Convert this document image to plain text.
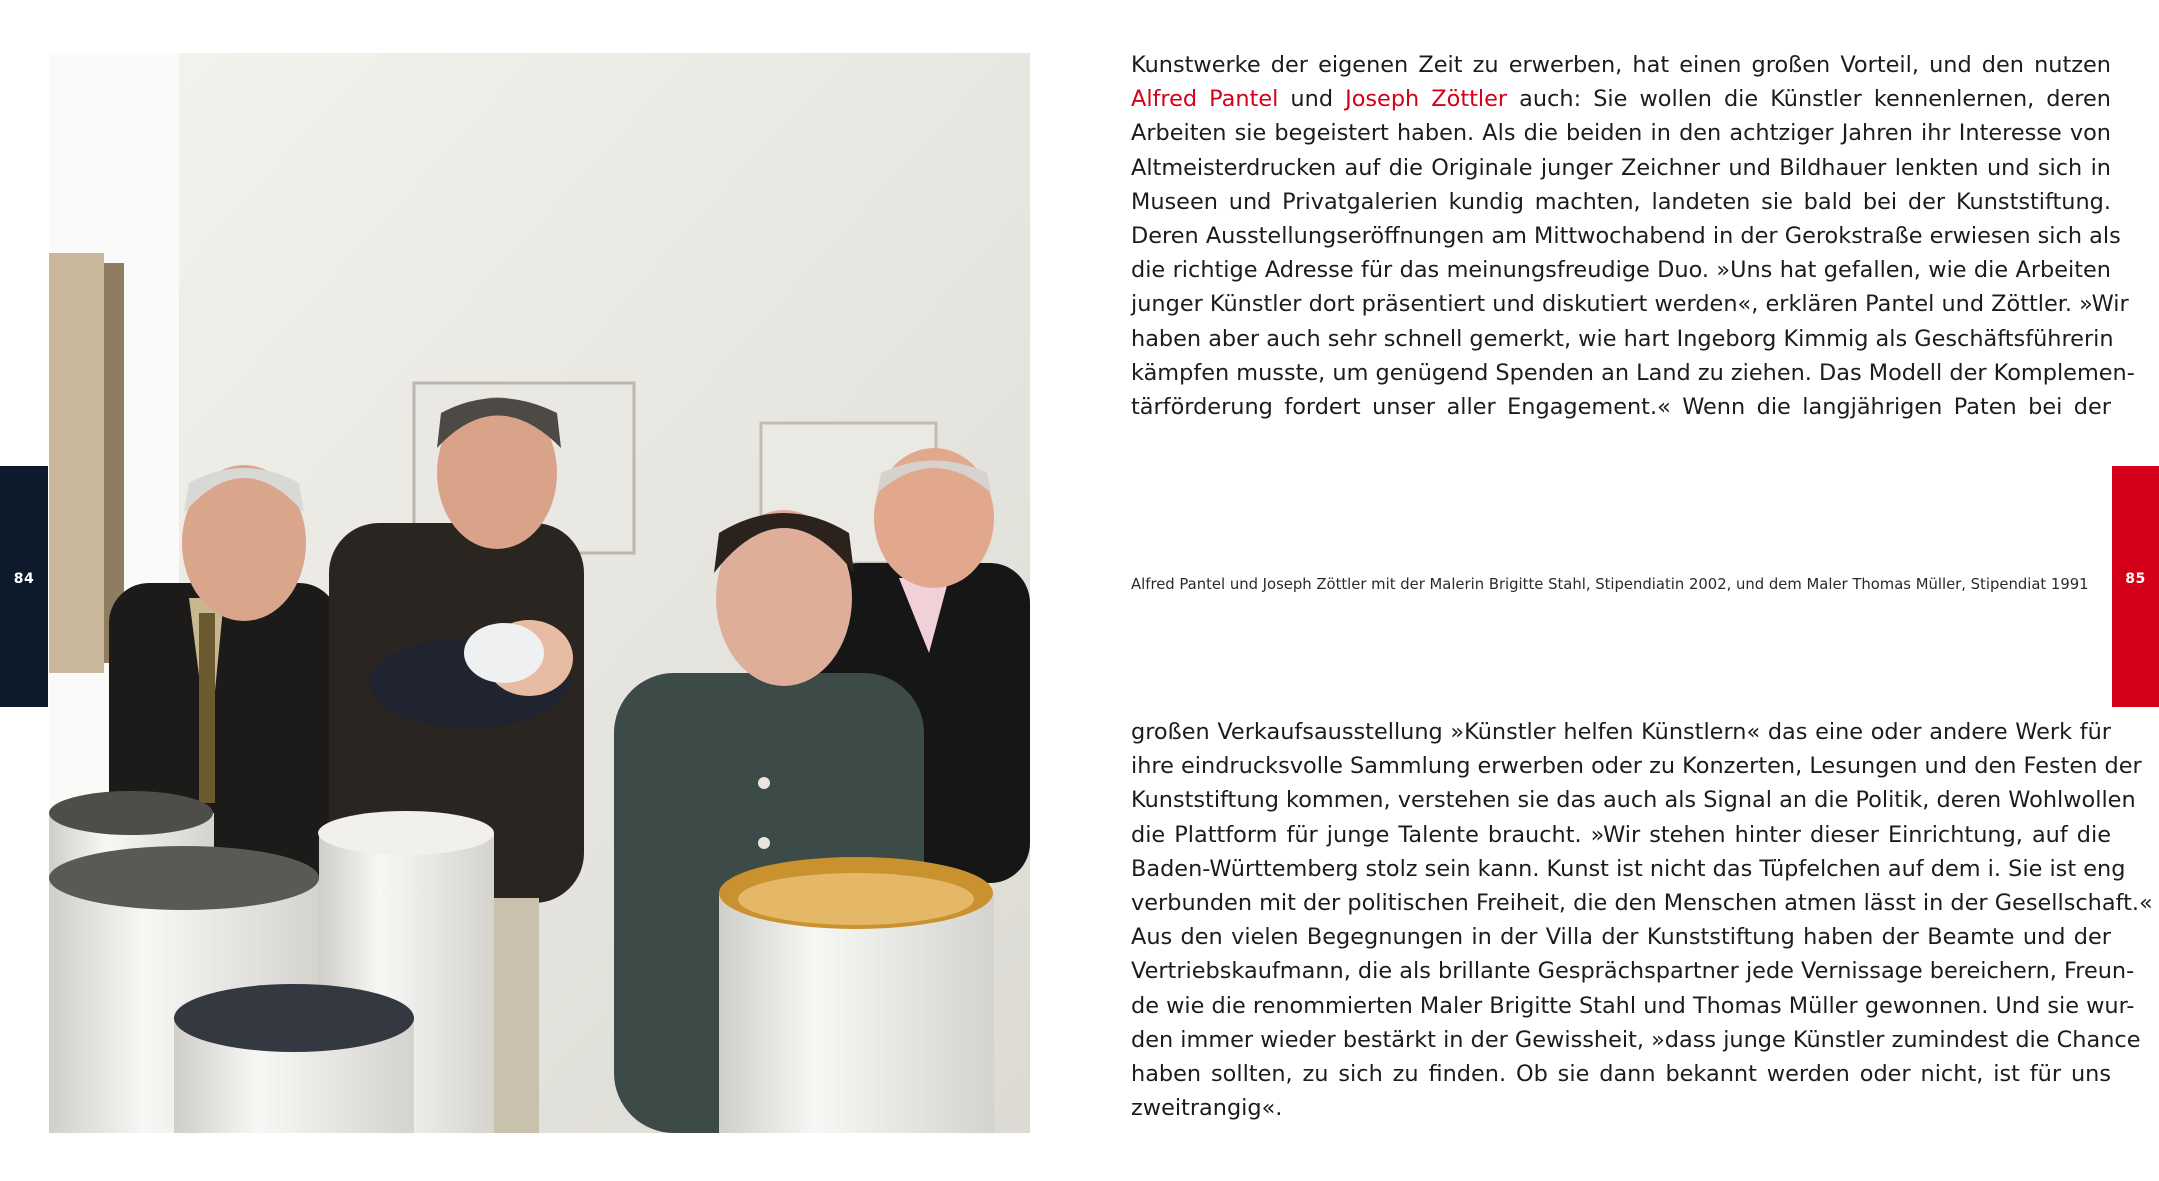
84
Kunstwerke der eigenen Zeit zu erwerben, hat einen großen Vorteil, und den nutzen
Alfred Pantel und Joseph Zöttler auch: Sie wollen die Künstler kennenlernen, deren
Arbeiten sie begeistert haben. Als die beiden in den achtziger Jahren ihr Interesse von
Altmeisterdrucken auf die Originale junger Zeichner und Bildhauer lenkten und sich in
Museen und Privatgalerien kundig machten, landeten sie bald bei der Kunststiftung.
Deren Ausstellungseröffnungen am Mittwochabend in der Gerokstraße erwiesen sich als
die richtige Adresse für das meinungsfreudige Duo. »Uns hat gefallen, wie die Arbeiten
junger Künstler dort präsentiert und diskutiert werden«, erklären Pantel und Zöttler. »Wir
haben aber auch sehr schnell gemerkt, wie hart Ingeborg Kimmig als Geschäftsführerin
kämpfen musste, um genügend Spenden an Land zu ziehen. Das Modell der Komplemen-
tärförderung fordert unser aller Engagement.« Wenn die langjährigen Paten bei der
Alfred Pantel und Joseph Zöttler mit der Malerin Brigitte Stahl, Stipendiatin 2002, und dem Maler Thomas Müller, Stipendiat 1991
großen Verkaufsausstellung »Künstler helfen Künstlern« das eine oder andere Werk für
ihre eindrucksvolle Sammlung erwerben oder zu Konzerten, Lesungen und den Festen der
Kunststiftung kommen, verstehen sie das auch als Signal an die Politik, deren Wohlwollen
die Plattform für junge Talente braucht. »Wir stehen hinter dieser Einrichtung, auf die
Baden-Württemberg stolz sein kann. Kunst ist nicht das Tüpfelchen auf dem i. Sie ist eng
verbunden mit der politischen Freiheit, die den Menschen atmen lässt in der Gesellschaft.«
Aus den vielen Begegnungen in der Villa der Kunststiftung haben der Beamte und der
Vertriebskaufmann, die als brillante Gesprächspartner jede Vernissage bereichern, Freun-
de wie die renommierten Maler Brigitte Stahl und Thomas Müller gewonnen. Und sie wur-
den immer wieder bestärkt in der Gewissheit, »dass junge Künstler zumindest die Chance
haben sollten, zu sich zu finden. Ob sie dann bekannt werden oder nicht, ist für uns
zweitrangig«.
85
